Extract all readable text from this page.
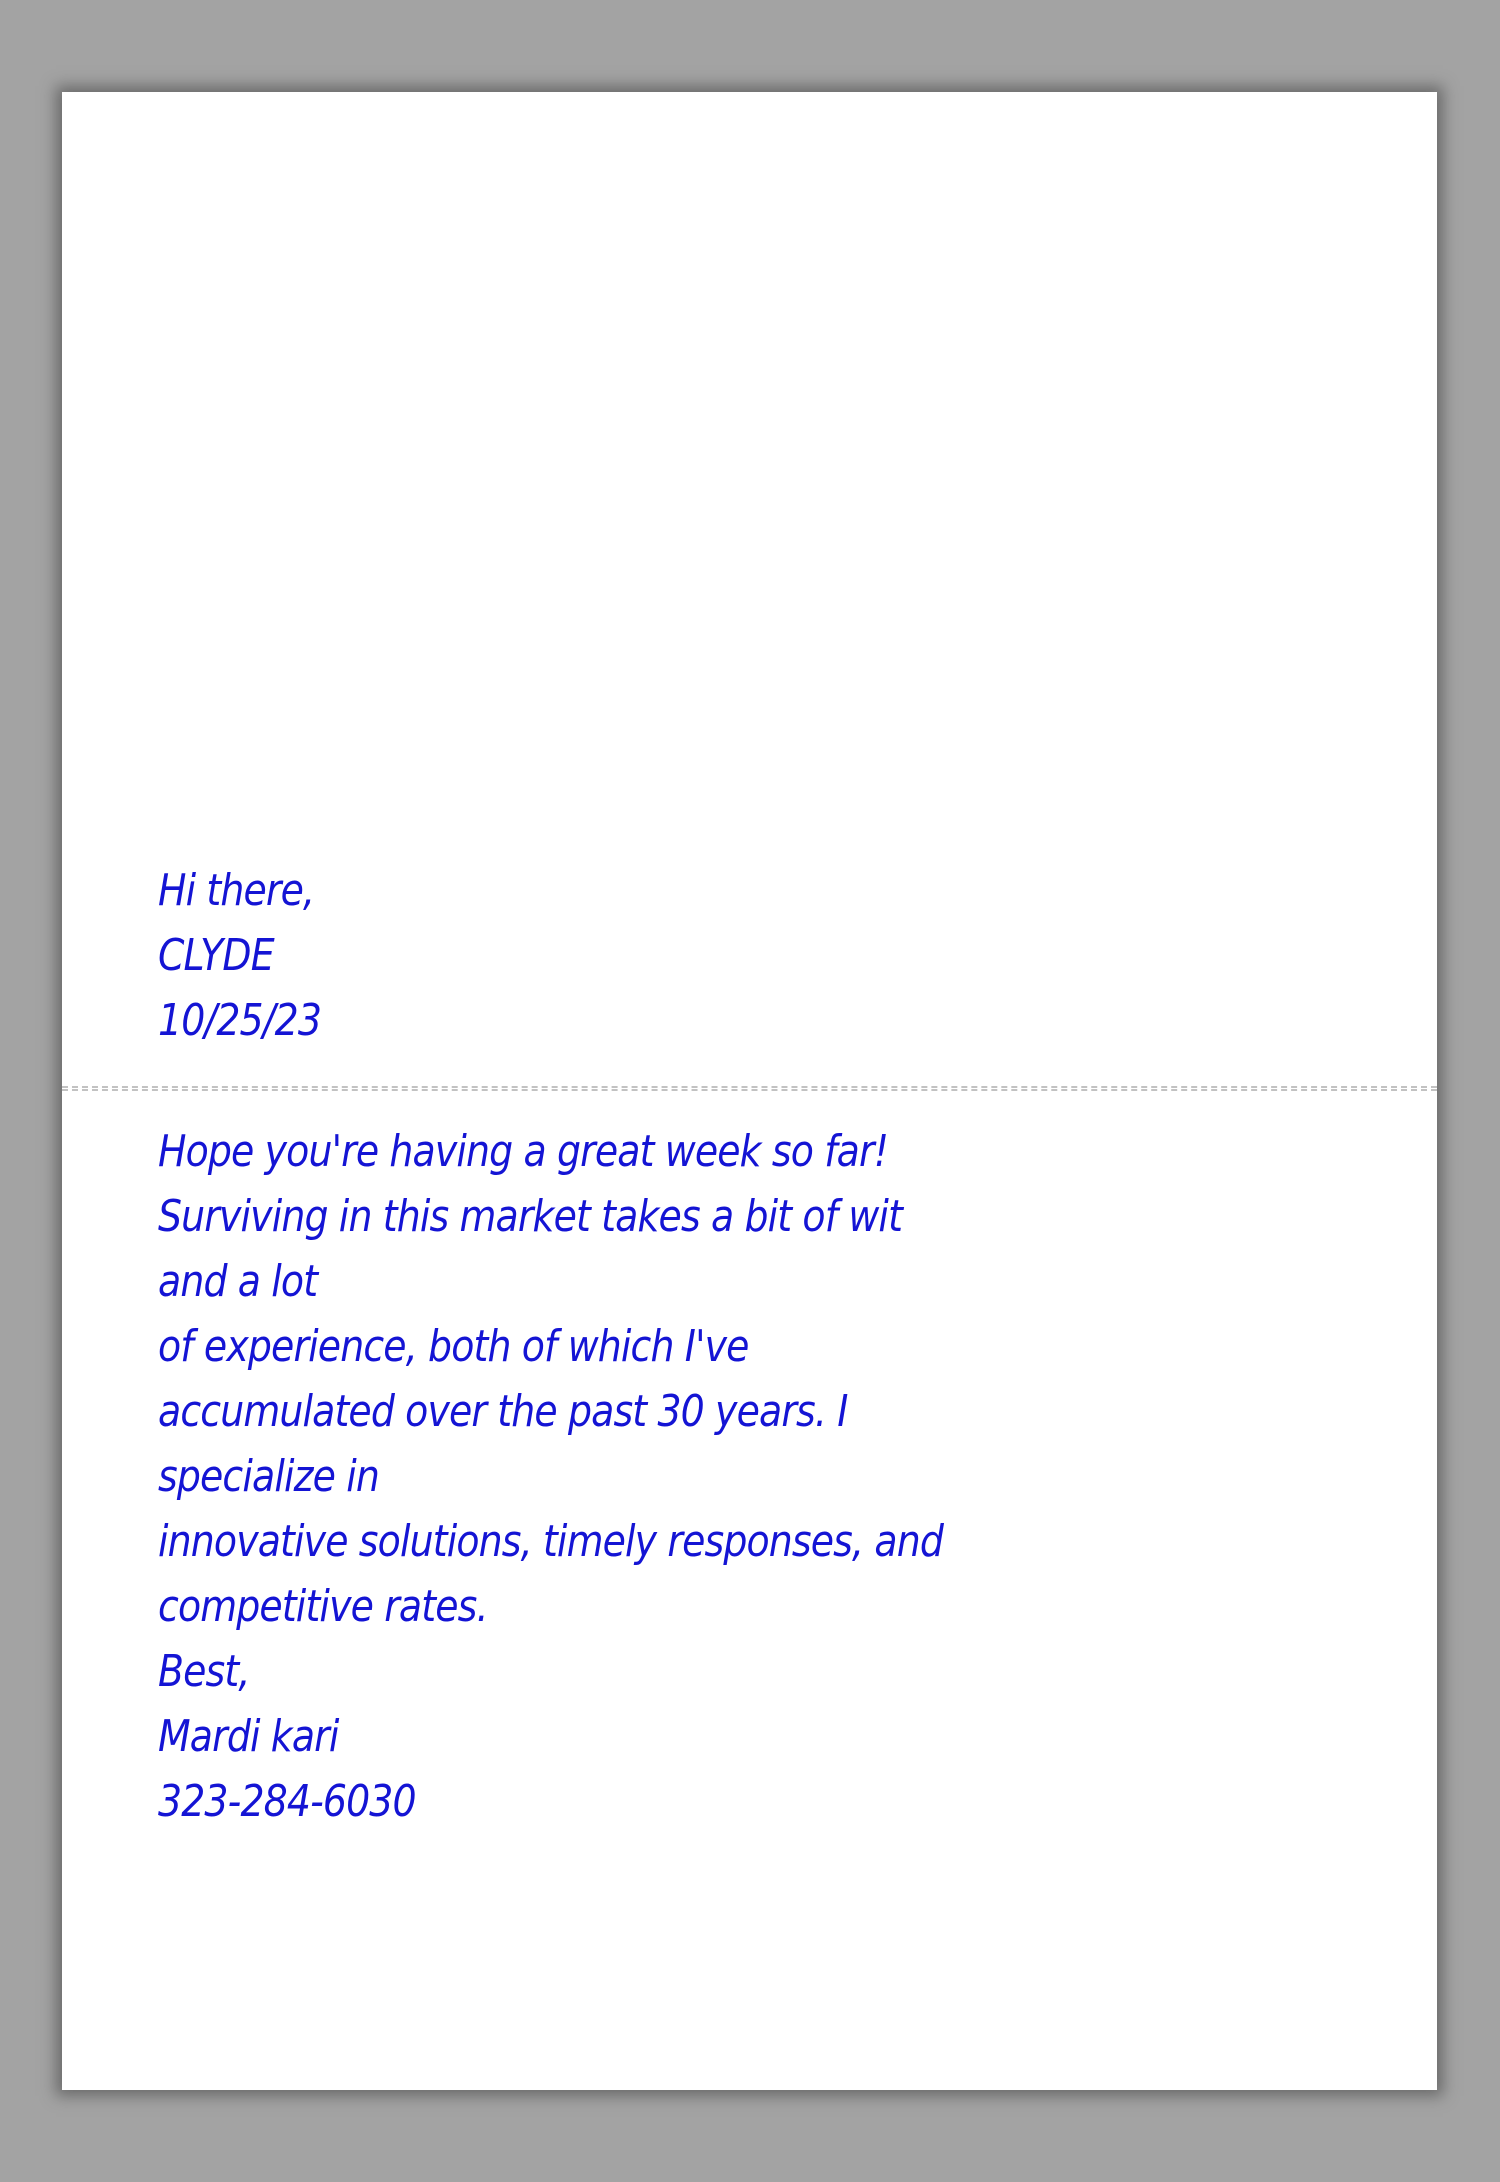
Hi there,
CLYDE
10/25/23
Hope you're having a great week so far!
Surviving in this market takes a bit of wit
and a lot
of experience, both of which I've
accumulated over the past 30 years. I
specialize in
innovative solutions, timely responses, and
competitive rates.
Best,
Mardi kari
323-284-6030
